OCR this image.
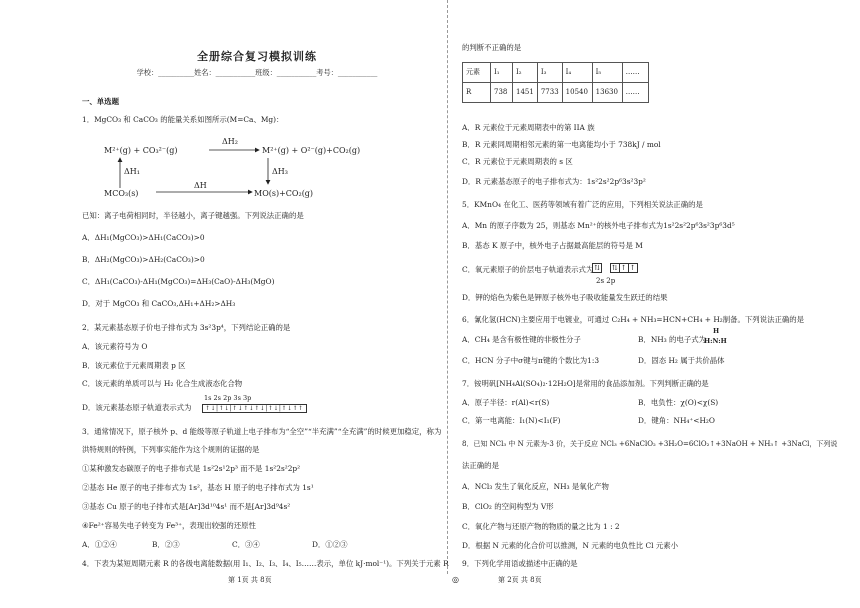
全册综合复习模拟训练
学校：__________姓名：___________班级：___________考号：___________
一、单选题
1．MgCO₃ 和 CaCO₃ 的能量关系如图所示(M=Ca、Mg)：
M²⁺(g) + CO₃²⁻(g)	M²⁺(g) + O²⁻(g)+CO₂(g)
ΔH₂
ΔH₁	ΔH₃
ΔH
MCO₃(s)	MO(s)+CO₂(g)
已知：离子电荷相同时，半径越小，离子键越强。下列说法正确的是
A．ΔH₁(MgCO₃)>ΔH₁(CaCO₃)>0
B．ΔH₂(MgCO₃)>ΔH₂(CaCO₃)>0
C．ΔH₁(CaCO₃)-ΔH₁(MgCO₃)=ΔH₃(CaO)-ΔH₃(MgO)
D．对于 MgCO₃ 和 CaCO₃,ΔH₁+ΔH₂>ΔH₃
2．某元素基态原子价电子排布式为 3s²3p⁴，下列结论正确的是
A．该元素符号为 O
B．该元素位于元素周期表 p 区
C．该元素的单质可以与 H₂ 化合生成液态化合物
D．该元素基态原子轨道表示式为
1s 2s 2p 3s 3p
↑↓|↑↓|↑↓↑↓↑↓|↑↓|↑↓↑↑
3．通常情况下，原子核外 p、d 能级等原子轨道上电子排布为“全空”“半充满”“全充满”的时候更加稳定，称为
洪特规则的特例，下列事实能作为这个规则的证据的是
①某种激发态碳原子的电子排布式是 1s²2s¹2p³ 而不是 1s²2s²2p²
②基态 He 原子的电子排布式为 1s²，基态 H 原子的电子排布式为 1s¹
③基态 Cu 原子的电子排布式是[Ar]3d¹⁰4s¹ 而不是[Ar]3d⁹4s²
④Fe²⁺容易失电子转变为 Fe³⁺，表现出较强的还原性
A．①②④	B．②③	C．③④	D．①②③
4．下表为某短周期元素 R 的各级电离能数据(用 I₁、I₂、I₃、I₄、I₅……表示，单位 kJ·mol⁻¹)。下列关于元素 R
第 1页 共 8页	◎
的判断不正确的是
元素	I₁	I₂	I₃	I₄	I₅	……
R	738	1451	7733	10540	13630	……
A．R 元素位于元素周期表中的第 IIA 族
B．R 元素同周期相邻元素的第一电离能均小于 738kJ / mol
C．R 元素位于元素周期表的 s 区
D．R 元素基态原子的电子排布式为：1s²2s²2p⁶3s²3p²
5．KMnO₄ 在化工、医药等领域有着广泛的应用，下列相关说法正确的是
A．Mn 的原子序数为 25，则基态 Mn²⁺的核外电子排布式为1s²2s²2p⁶3s²3p⁶3d⁵
B．基态 K 原子中，核外电子占据最高能层的符号是 M
C．氧元素原子的价层电子轨道表示式为 ⇅ ⇅ ↑ ↑
2s 2p
D．钾的焰色为紫色是钾原子核外电子吸收能量发生跃迁的结果
6．氰化氢(HCN)主要应用于电镀业，可通过 C₂H₄ + NH₃=HCN+CH₄ + H₂制备。下列说法正确的是
A．CH₄ 是含有极性键的非极性分子	B．NH₃ 的电子式为
H
H:N:H
C．HCN 分子中σ键与π键的个数比为1:3	D．固态 H₂ 属于共价晶体
7．铵明矾[NH₄Al(SO₄)₂·12H₂O]是常用的食品添加剂。下列判断正确的是
A．原子半径：r(Al)<r(S)	B．电负性：χ(O)<χ(S)
C．第一电离能：I₁(N)<I₁(F)	D．键角：NH₄⁺<H₂O
8．已知 NCl₃ 中 N 元素为-3 价，关于反应 NCl₃ +6NaClO₂ +3H₂O=6ClO₂↑+3NaOH + NH₃↑ +3NaCl，下列说
法正确的是
A．NCl₃ 发生了氧化反应，NH₃ 是氧化产物
B．ClO₂ 的空间构型为 V形
C．氧化产物与还原产物的物质的量之比为 1 : 2
D．根据 N 元素的化合价可以推测，N 元素的电负性比 Cl 元素小
9．下列化学用语或描述中正确的是
第 2页 共 8页
